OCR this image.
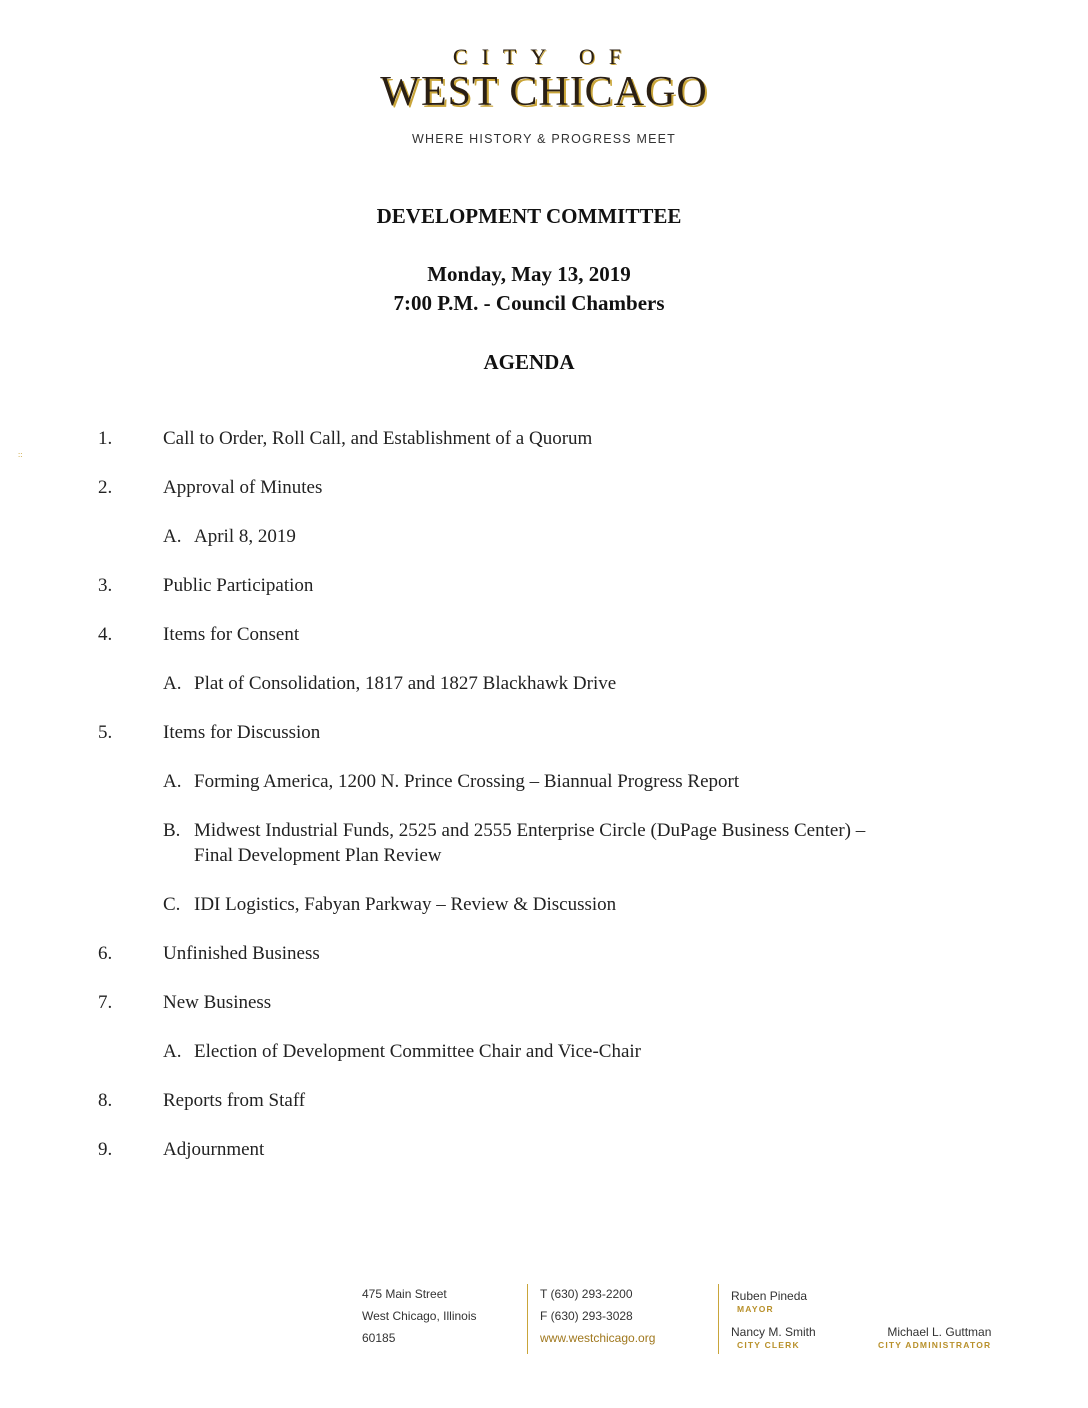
CITY OF
WEST CHICAGO
WHERE HISTORY & PROGRESS MEET
DEVELOPMENT COMMITTEE
Monday, May 13, 2019
7:00 P.M. - Council Chambers
AGENDA
::
1.	Call to Order, Roll Call, and Establishment of a Quorum
2.	Approval of Minutes
A. April 8, 2019
3.	Public Participation
4.	Items for Consent
A. Plat of Consolidation, 1817 and 1827 Blackhawk Drive
5.	Items for Discussion
A. Forming America, 1200 N. Prince Crossing – Biannual Progress Report
B. Midwest Industrial Funds, 2525 and 2555 Enterprise Circle (DuPage Business Center) –
Final Development Plan Review
C. IDI Logistics, Fabyan Parkway – Review & Discussion
6.	Unfinished Business
7.	New Business
A. Election of Development Committee Chair and Vice-Chair
8.	Reports from Staff
9.	Adjournment
475 Main Street
West Chicago, Illinois
60185
T (630) 293-2200
F (630) 293-3028
www.westchicago.org
Ruben Pineda
MAYOR
Nancy M. Smith
CITY CLERK
Michael L. Guttman
CITY ADMINISTRATOR
